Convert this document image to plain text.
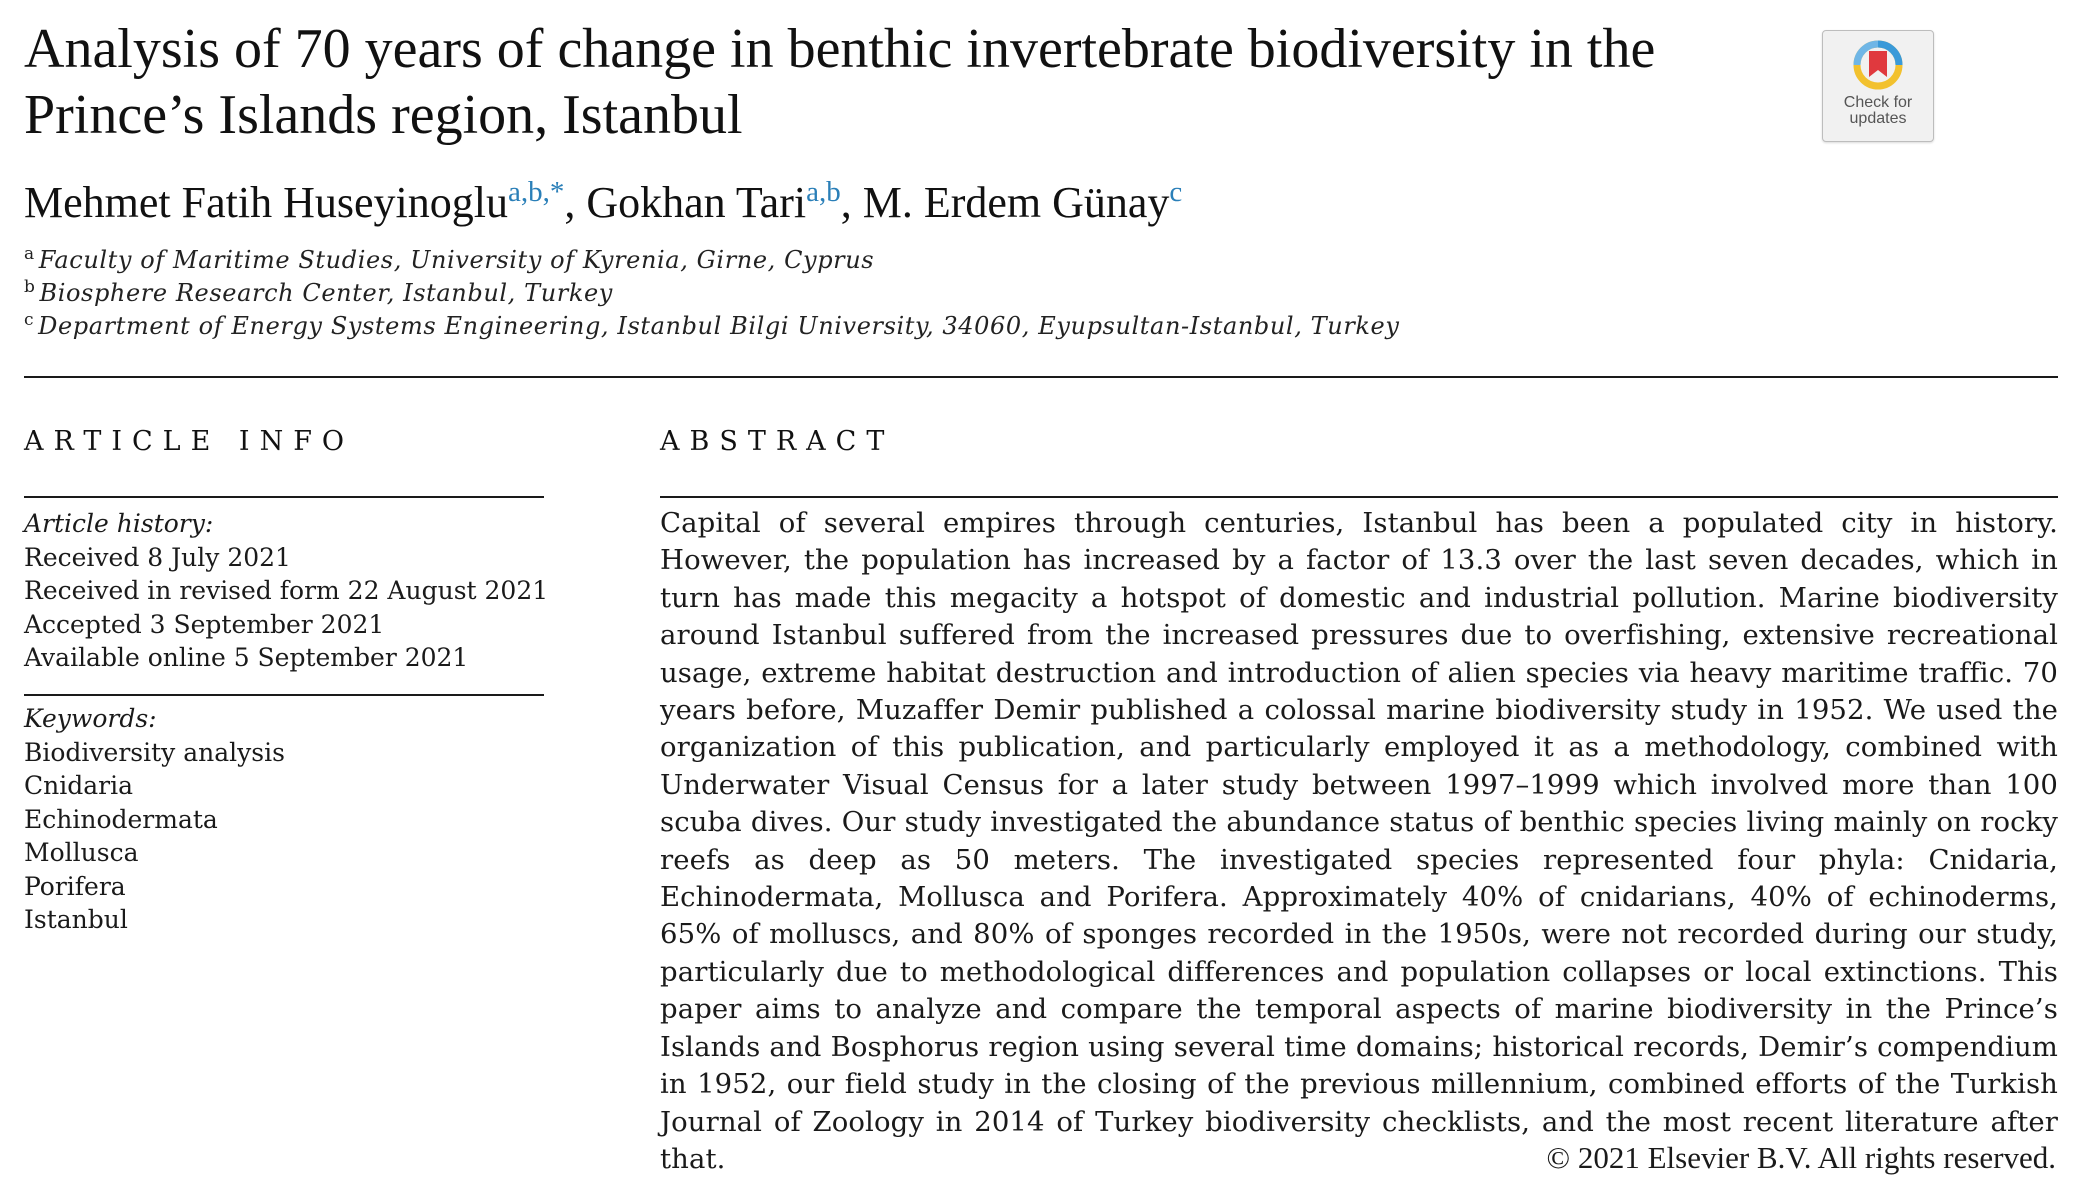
Analysis of 70 years of change in benthic invertebrate biodiversity in the Prince’s Islands region, Istanbul	Check for
updates
Mehmet Fatih Huseyinoglu$^{a,b,*}$, Gokhan Tari$^{a,b}$, M. Erdem Günay$^c$
$^a$ Faculty of Maritime Studies, University of Kyrenia, Girne, Cyprus
$^b$ Biosphere Research Center, Istanbul, Turkey
$^c$ Department of Energy Systems Engineering, Istanbul Bilgi University, 34060, Eyupsultan-Istanbul, Turkey
ARTICLE INFO	ABSTRACT
Article history:
Received 8 July 2021
Received in revised form 22 August 2021
Accepted 3 September 2021
Available online 5 September 2021
Keywords:
Biodiversity analysis
Cnidaria
Echinodermata
Mollusca
Porifera
Istanbul

Capital of several empires through centuries, Istanbul has been a populated city in history. However, the population has increased by a factor of 13.3 over the last seven decades, which in turn has made this megacity a hotspot of domestic and industrial pollution. Marine biodiversity around Istanbul suffered from the increased pressures due to overfishing, extensive recreational usage, extreme habitat destruction and introduction of alien species via heavy maritime traffic. 70 years before, Muzaffer Demir published a colossal marine biodiversity study in 1952. We used the organization of this publication, and particularly employed it as a methodology, combined with Underwater Visual Census for a later study between 1997–1999 which involved more than 100 scuba dives. Our study investigated the abundance status of benthic species living mainly on rocky reefs as deep as 50 meters. The investigated species represented four phyla: Cnidaria, Echinodermata, Mollusca and Porifera. Approximately 40% of cnidarians, 40% of echinoderms, 65% of molluscs, and 80% of sponges recorded in the 1950s, were not recorded during our study, particularly due to methodological differences and population collapses or local extinctions. This paper aims to analyze and compare the temporal aspects of marine biodiversity in the Prince’s Islands and Bosphorus region using several time domains; historical records, Demir’s compendium in 1952, our field study in the closing of the previous millennium, combined efforts of the Turkish Journal of Zoology in 2014 of Turkey biodiversity checklists, and the most recent literature after that.	© 2021 Elsevier B.V. All rights reserved.
